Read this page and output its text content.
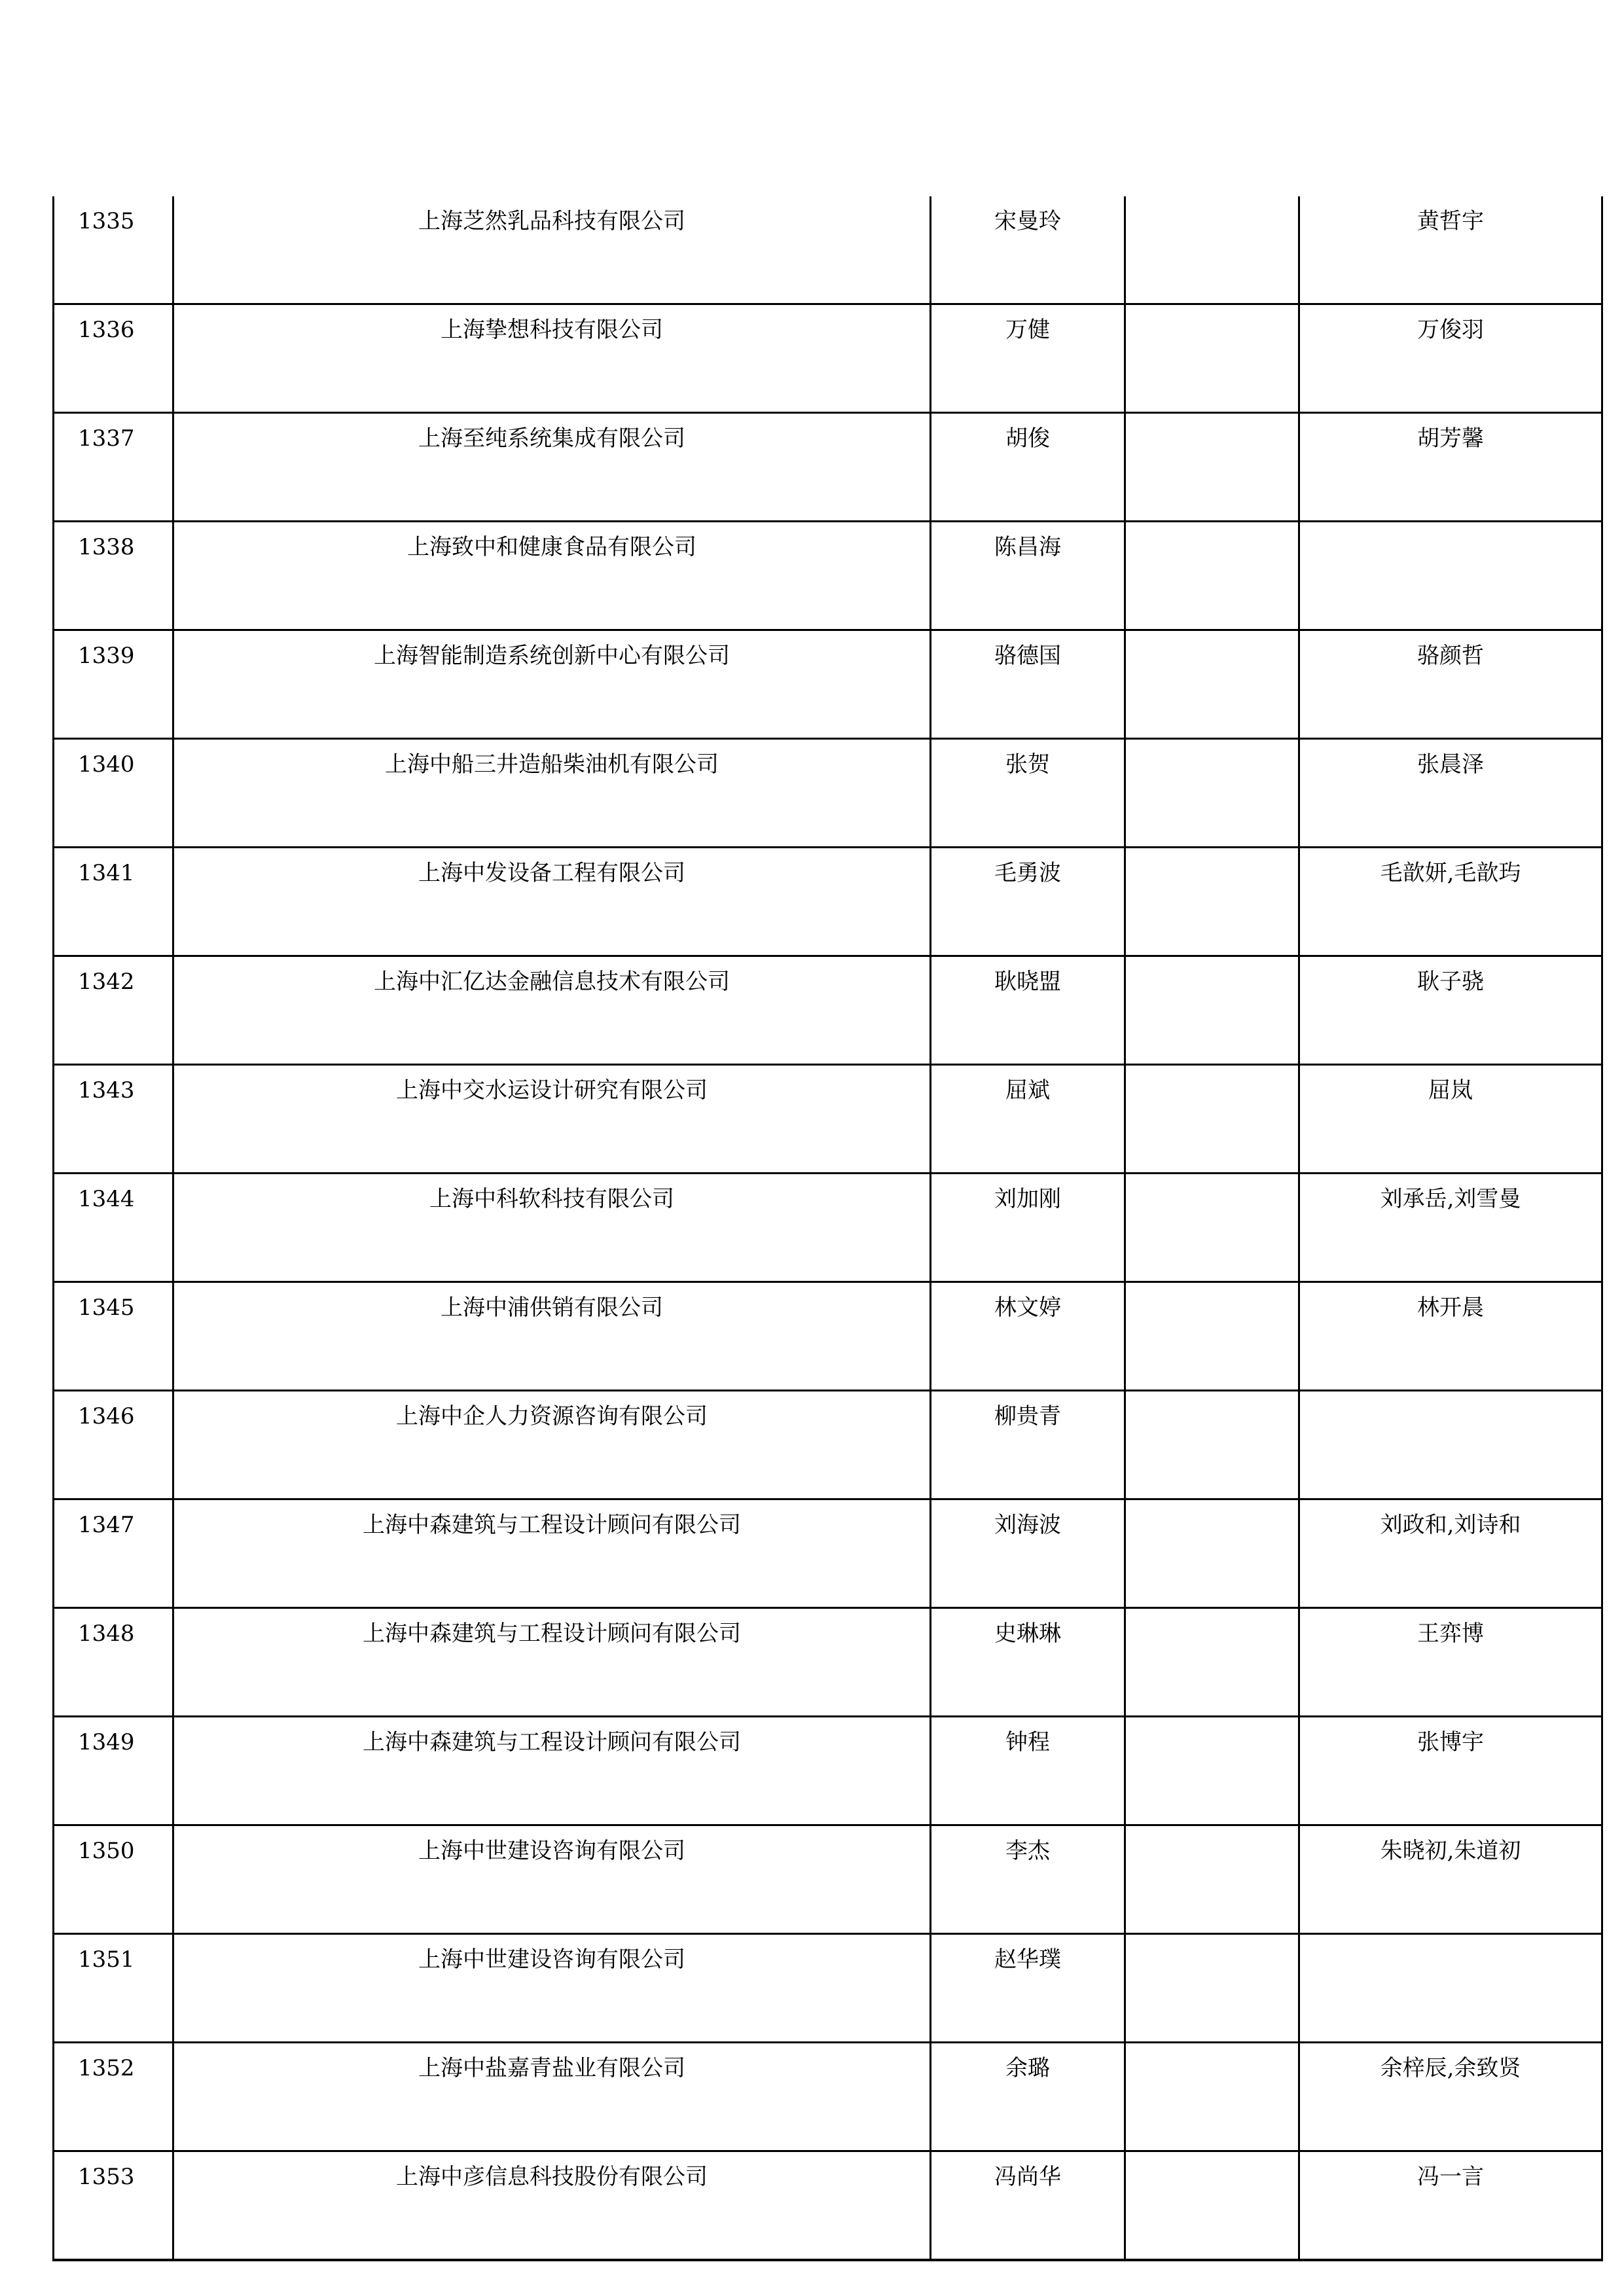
1335	上海芝然乳品科技有限公司	宋曼玲		黄哲宇
1336	上海挚想科技有限公司	万健		万俊羽
1337	上海至纯系统集成有限公司	胡俊		胡芳馨
1338	上海致中和健康食品有限公司	陈昌海		
1339	上海智能制造系统创新中心有限公司	骆德国		骆颜哲
1340	上海中船三井造船柴油机有限公司	张贺		张晨泽
1341	上海中发设备工程有限公司	毛勇波		毛歆妍,毛歆玙
1342	上海中汇亿达金融信息技术有限公司	耿晓盟		耿子骁
1343	上海中交水运设计研究有限公司	屈斌		屈岚
1344	上海中科软科技有限公司	刘加刚		刘承岳,刘雪曼
1345	上海中浦供销有限公司	林文婷		林开晨
1346	上海中企人力资源咨询有限公司	柳贵青		
1347	上海中森建筑与工程设计顾问有限公司	刘海波		刘政和,刘诗和
1348	上海中森建筑与工程设计顾问有限公司	史琳琳		王弈博
1349	上海中森建筑与工程设计顾问有限公司	钟程		张博宇
1350	上海中世建设咨询有限公司	李杰		朱晓初,朱道初
1351	上海中世建设咨询有限公司	赵华璞		
1352	上海中盐嘉青盐业有限公司	余璐		余梓辰,余致贤
1353	上海中彦信息科技股份有限公司	冯尚华		冯一言
